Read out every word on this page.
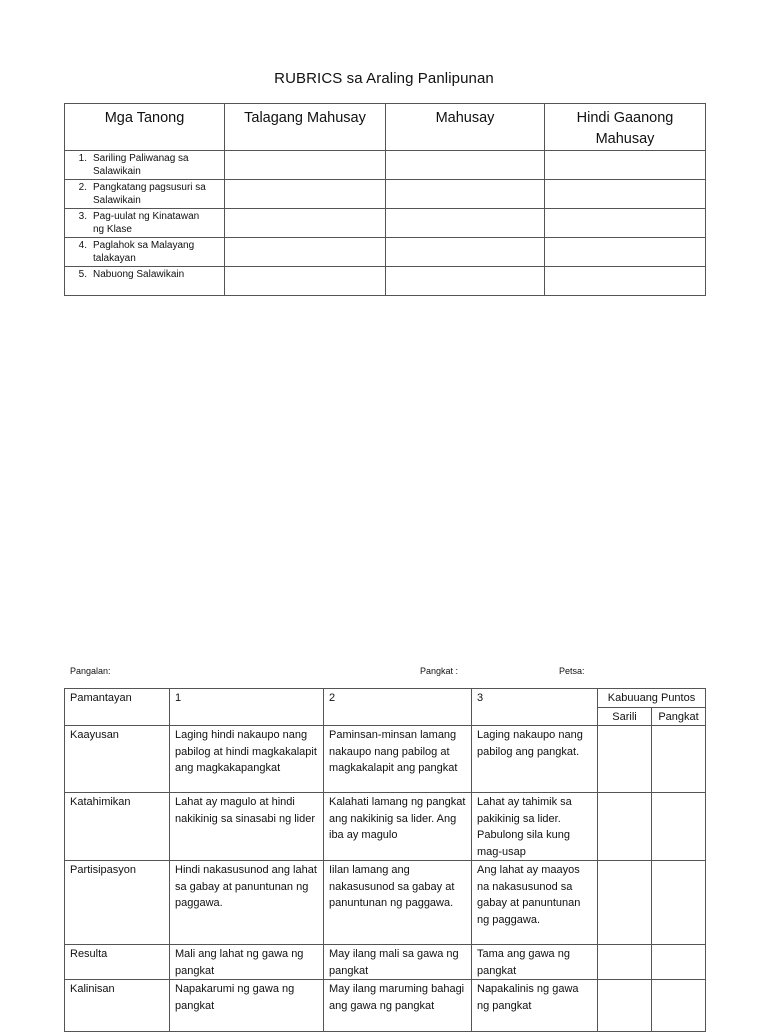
RUBRICS sa Araling Panlipunan
Mga Tanong	Talagang Mahusay	Mahusay	Hindi Gaanong Mahusay
1. Sariling Paliwanag sa Salawikain			
2. Pangkatang pagsusuri sa Salawikain			
3. Pag-uulat ng Kinatawan ng Klase			
4. Paglahok sa Malayang talakayan			
5. Nabuong Salawikain			
Pangalan:	Pangkat :	Petsa:
Pamantayan	1	2	3	Kabuuang Puntos	
				Sarili	Pangkat
Kaayusan	Laging hindi nakaupo nang pabilog at hindi magkakalapit ang magkakapangkat	Paminsan-minsan lamang nakaupo nang pabilog at magkakalapit ang pangkat	Laging nakaupo nang pabilog ang pangkat.		
Katahimikan	Lahat ay magulo at hindi nakikinig sa sinasabi ng lider	Kalahati lamang ng pangkat ang nakikinig sa lider. Ang iba ay magulo	Lahat ay tahimik sa pakikinig sa lider. Pabulong sila kung mag-usap		
Partisipasyon	Hindi nakasusunod ang lahat sa gabay at panuntunan ng paggawa.	Iilan lamang ang nakasusunod sa gabay at panuntunan ng paggawa.	Ang lahat ay maayos na nakasusunod sa gabay at panuntunan ng paggawa.		
Resulta	Mali ang lahat ng gawa ng pangkat	May ilang mali sa gawa ng pangkat	Tama ang gawa ng pangkat		
Kalinisan	Napakarumi ng gawa ng pangkat	May ilang maruming bahagi ang gawa ng pangkat	Napakalinis ng gawa ng pangkat		
